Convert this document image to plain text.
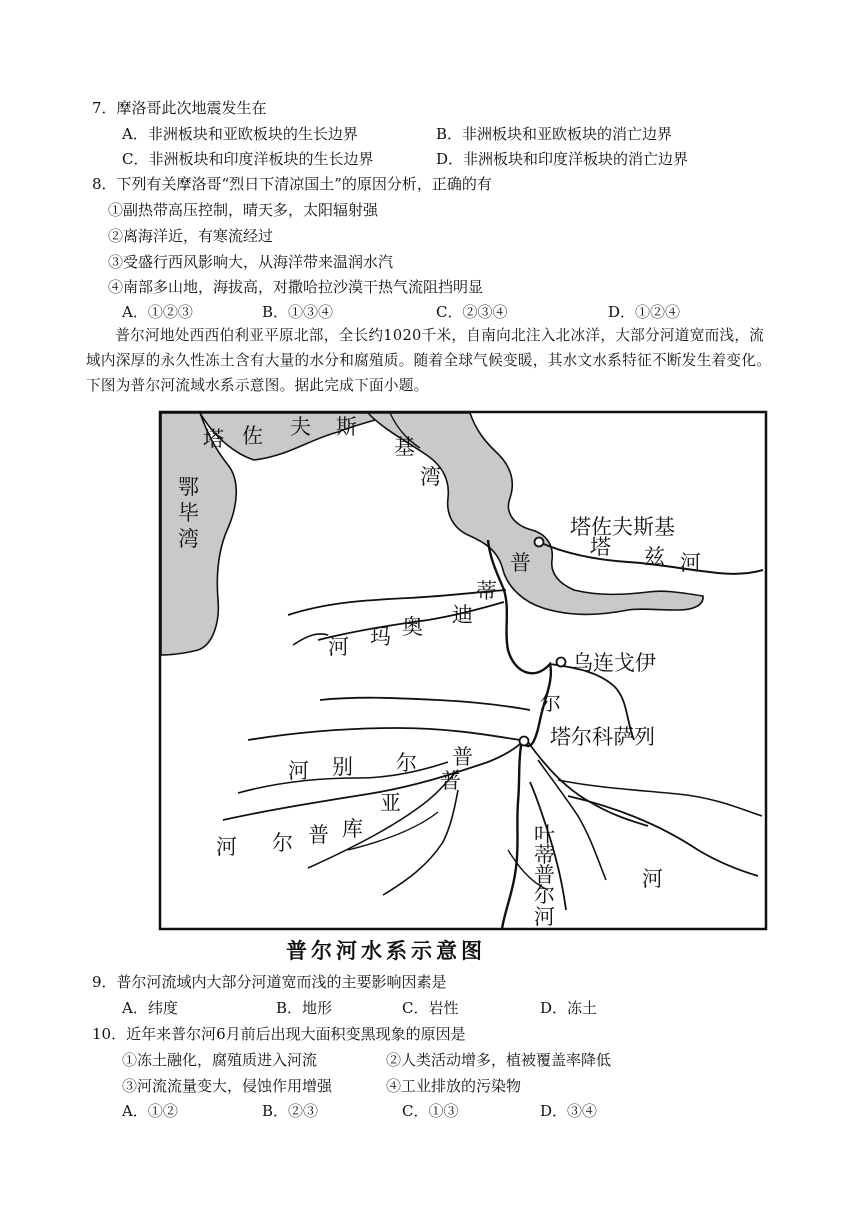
7．摩洛哥此次地震发生在
A．非洲板块和亚欧板块的生长边界	B．非洲板块和亚欧板块的消亡边界
C．非洲板块和印度洋板块的生长边界	D．非洲板块和印度洋板块的消亡边界
8．下列有关摩洛哥“烈日下清凉国土”的原因分析，正确的有
①副热带高压控制，晴天多，太阳辐射强
②离海洋近，有寒流经过
③受盛行西风影响大，从海洋带来温润水汽
④南部多山地，海拔高，对撒哈拉沙漠干热气流阻挡明显
A．①②③	B．①③④	C．②③④	D．①②④
普尔河地处西西伯利亚平原北部，全长约1020千米，自南向北注入北冰洋，大部分河道宽而浅，流域内深厚的永久性冻土含有大量的水分和腐殖质。随着全球气候变暖，其水文水系特征不断发生着变化。下图为普尔河流域水系示意图。据此完成下面小题。
塔 佐 夫 斯
基
湾
鄂
毕
湾	塔佐夫斯基
塔 兹 河
普
蒂
迪
奥
玛
河
乌连戈伊
尔
塔尔科萨列
普
尔
别
河	普
亚
库
普
尔
河	叶
蒂
普
尔
河
河
普尔河水系示意图
9．普尔河流域内大部分河道宽而浅的主要影响因素是
A．纬度	B．地形	C．岩性	D．冻土
10．近年来普尔河6月前后出现大面积变黑现象的原因是
①冻土融化，腐殖质进入河流	②人类活动增多，植被覆盖率降低
③河流流量变大，侵蚀作用增强	④工业排放的污染物
A．①②	B．②③	C．①③	D．③④
